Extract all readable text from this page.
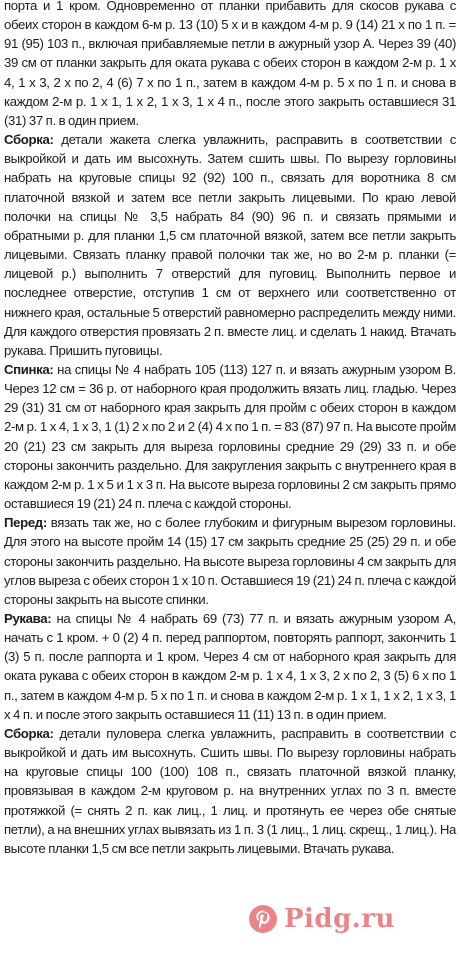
порта и 1 кром. Одновременно от планки прибавить для скосов рукава с обеих сторон в каждом 6-м р. 13 (10) 5 х и в каждом 4-м р. 9 (14) 21 х по 1 п. = 91 (95) 103 п., включая прибавляемые петли в ажурный узор А. Через 39 (40) 39 см от планки закрыть для оката рукава с обеих сторон в каждом 2-м р. 1 х 4, 1 х 3, 2 х по 2, 4 (6) 7 х по 1 п., затем в каждом 4-м р. 5 х по 1 п. и снова в каждом 2-м р. 1 х 1, 1 х 2, 1 х 3, 1 х 4 п., после этого закрыть оставшиеся 31 (31) 37 п. в один прием.

Сборка: детали жакета слегка увлажнить, расправить в соответствии с выкройкой и дать им высохнуть. Затем сшить швы. По вырезу горловины набрать на круговые спицы 92 (92) 100 п., связать для воротника 8 см платочной вязкой и затем все петли закрыть лицевыми. По краю левой полочки на спицы № 3,5 набрать 84 (90) 96 п. и связать прямыми и обратными р. для планки 1,5 см платочной вязкой, затем все петли закрыть лицевыми. Связать планку правой полочки так же, но во 2-м р. планки (= лицевой р.) выполнить 7 отверстий для пуговиц. Выполнить первое и последнее отверстие, отступив 1 см от верхнего или соответственно от нижнего края, остальные 5 отверстий равномерно распределить между ними. Для каждого отверстия провязать 2 п. вместе лиц. и сделать 1 накид. Втачать рукава. Пришить пуговицы.

Спинка: на спицы № 4 набрать 105 (113) 127 п. и вязать ажурным узором В. Через 12 см = 36 р. от наборного края продолжить вязать лиц. гладью. Через 29 (31) 31 см от наборного края закрыть для пройм с обеих сторон в каждом 2-м р. 1 х 4, 1 х 3, 1 (1) 2 х по 2 и 2 (4) 4 х по 1 п. = 83 (87) 97 п. На высоте пройм 20 (21) 23 см закрыть для выреза горловины средние 29 (29) 33 п. и обе стороны закончить раздельно. Для закругления закрыть с внутреннего края в каждом 2-м р. 1 х 5 и 1 х 3 п. На высоте выреза горловины 2 см закрыть прямо оставшиеся 19 (21) 24 п. плеча с каждой стороны.

Перед: вязать так же, но с более глубоким и фигурным вырезом горловины. Для этого на высоте пройм 14 (15) 17 см закрыть средние 25 (25) 29 п. и обе стороны закончить раздельно. На высоте выреза горловины 4 см закрыть для углов выреза с обеих сторон 1 х 10 п. Оставшиеся 19 (21) 24 п. плеча с каждой стороны закрыть на высоте спинки.

Рукава: на спицы № 4 набрать 69 (73) 77 п. и вязать ажурным узором А, начать с 1 кром. + 0 (2) 4 п. перед раппортом, повторять раппорт, закончить 1 (3) 5 п. после раппорта и 1 кром. Через 4 см от наборного края закрыть для оката рукава с обеих сторон в каждом 2-м р. 1 х 4, 1 х 3, 2 х по 2, 3 (5) 6 х по 1 п., затем в каждом 4-м р. 5 х по 1 п. и снова в каждом 2-м р. 1 х 1, 1 х 2, 1 х 3, 1 х 4 п. и после этого закрыть оставшиеся 11 (11) 13 п. в один прием.

Сборка: детали пуловера слегка увлажнить, расправить в соответствии с выкройкой и дать им высохнуть. Сшить швы. По вырезу горловины набрать на круговые спицы 100 (100) 108 п., связать платочной вязкой планку, провязывая в каждом 2-м круговом р. на внутренних углах по 3 п. вместе протяжкой (= снять 2 п. как лиц., 1 лиц. и протянуть ее через обе снятые петли), а на внешних углах вывязать из 1 п. 3 (1 лиц., 1 лиц. скрещ., 1 лиц.). На высоте планки 1,5 см все петли закрыть лицевыми. Втачать рукава.

Pidg.ru
